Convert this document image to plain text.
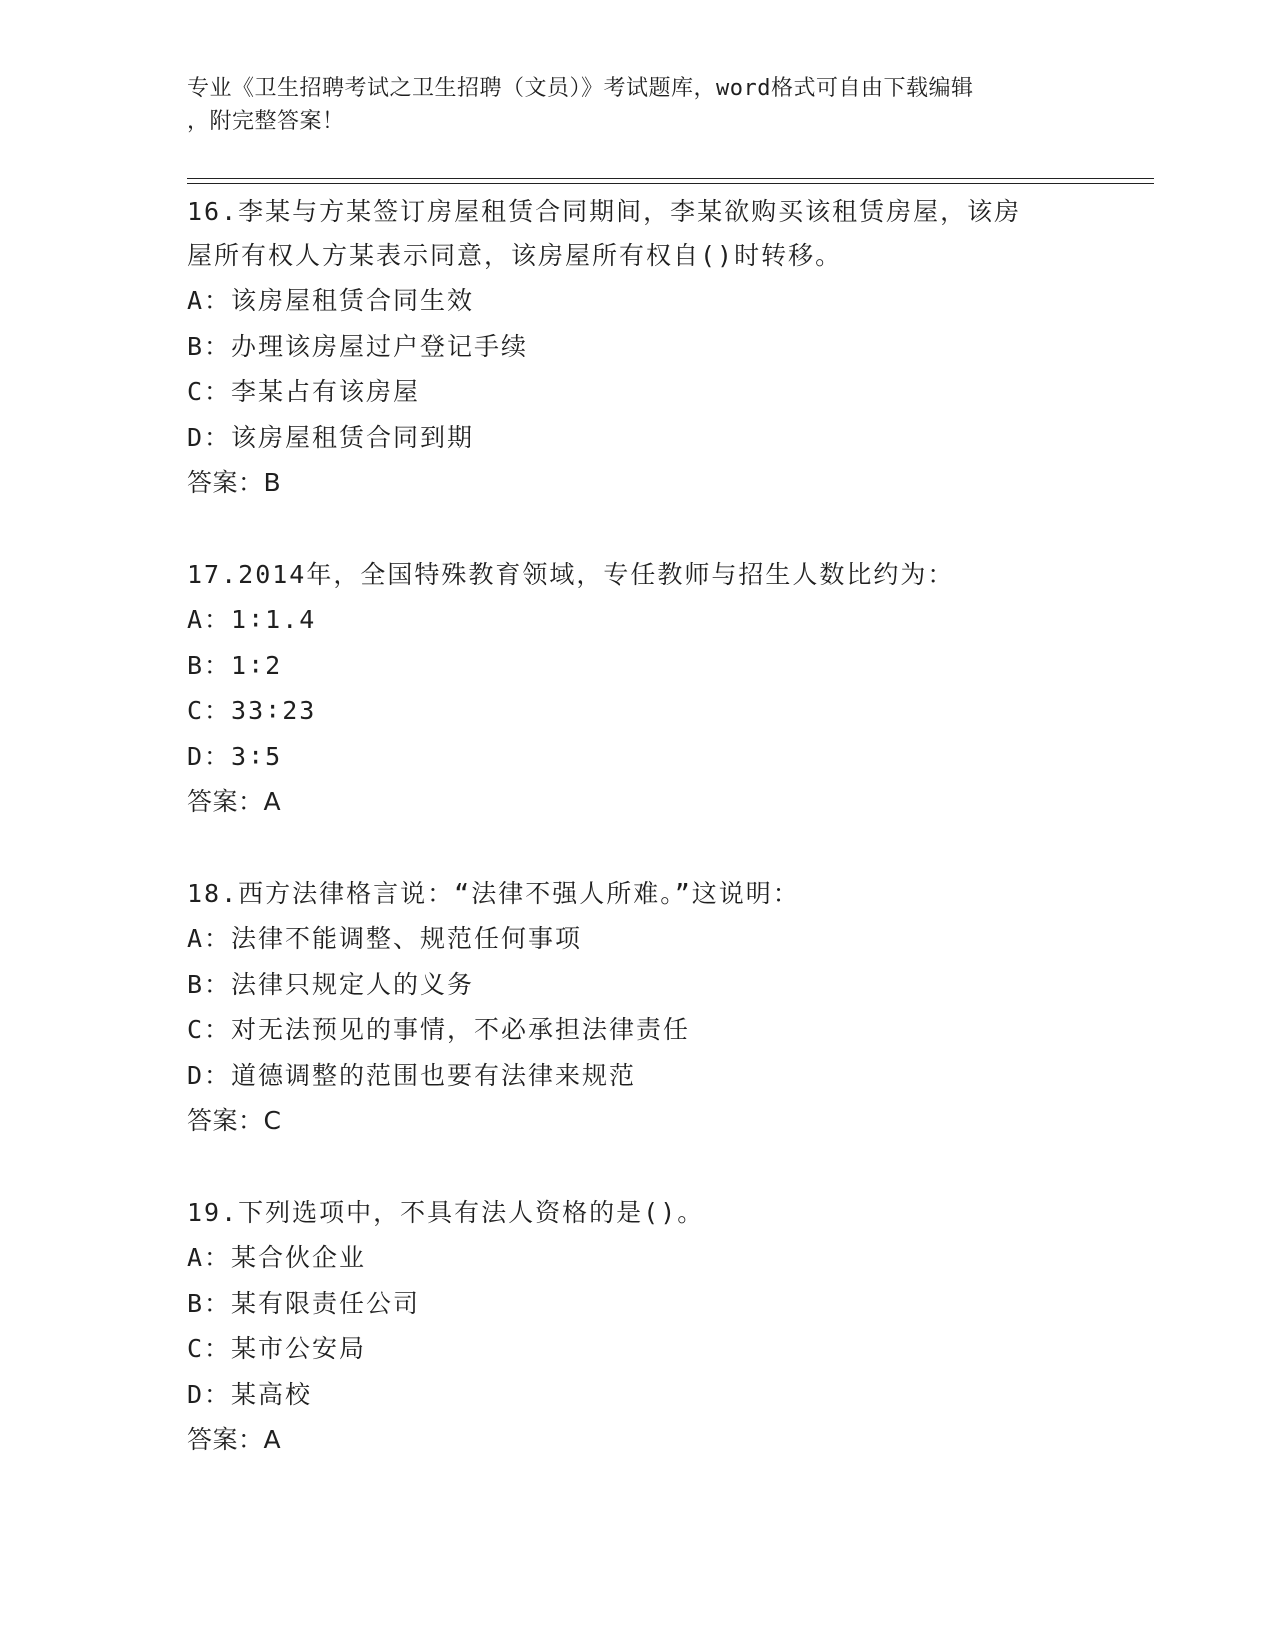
专业《卫生招聘考试之卫生招聘（文员）》考试题库，word格式可自由下载编辑
，附完整答案！

16.李某与方某签订房屋租赁合同期间，李某欲购买该租赁房屋，该房

屋所有权人方某表示同意，该房屋所有权自()时转移。

A：该房屋租赁合同生效

B：办理该房屋过户登记手续

C：李某占有该房屋

D：该房屋租赁合同到期

答案：B

17.2014年，全国特殊教育领域，专任教师与招生人数比约为：

A：1∶1.4

B：1∶2

C：33∶23

D：3∶5

答案：A

18.西方法律格言说：“法律不强人所难。”这说明：

A：法律不能调整、规范任何事项

B：法律只规定人的义务

C：对无法预见的事情，不必承担法律责任

D：道德调整的范围也要有法律来规范

答案：C

19.下列选项中，不具有法人资格的是()。

A：某合伙企业

B：某有限责任公司

C：某市公安局

D：某高校

答案：A
